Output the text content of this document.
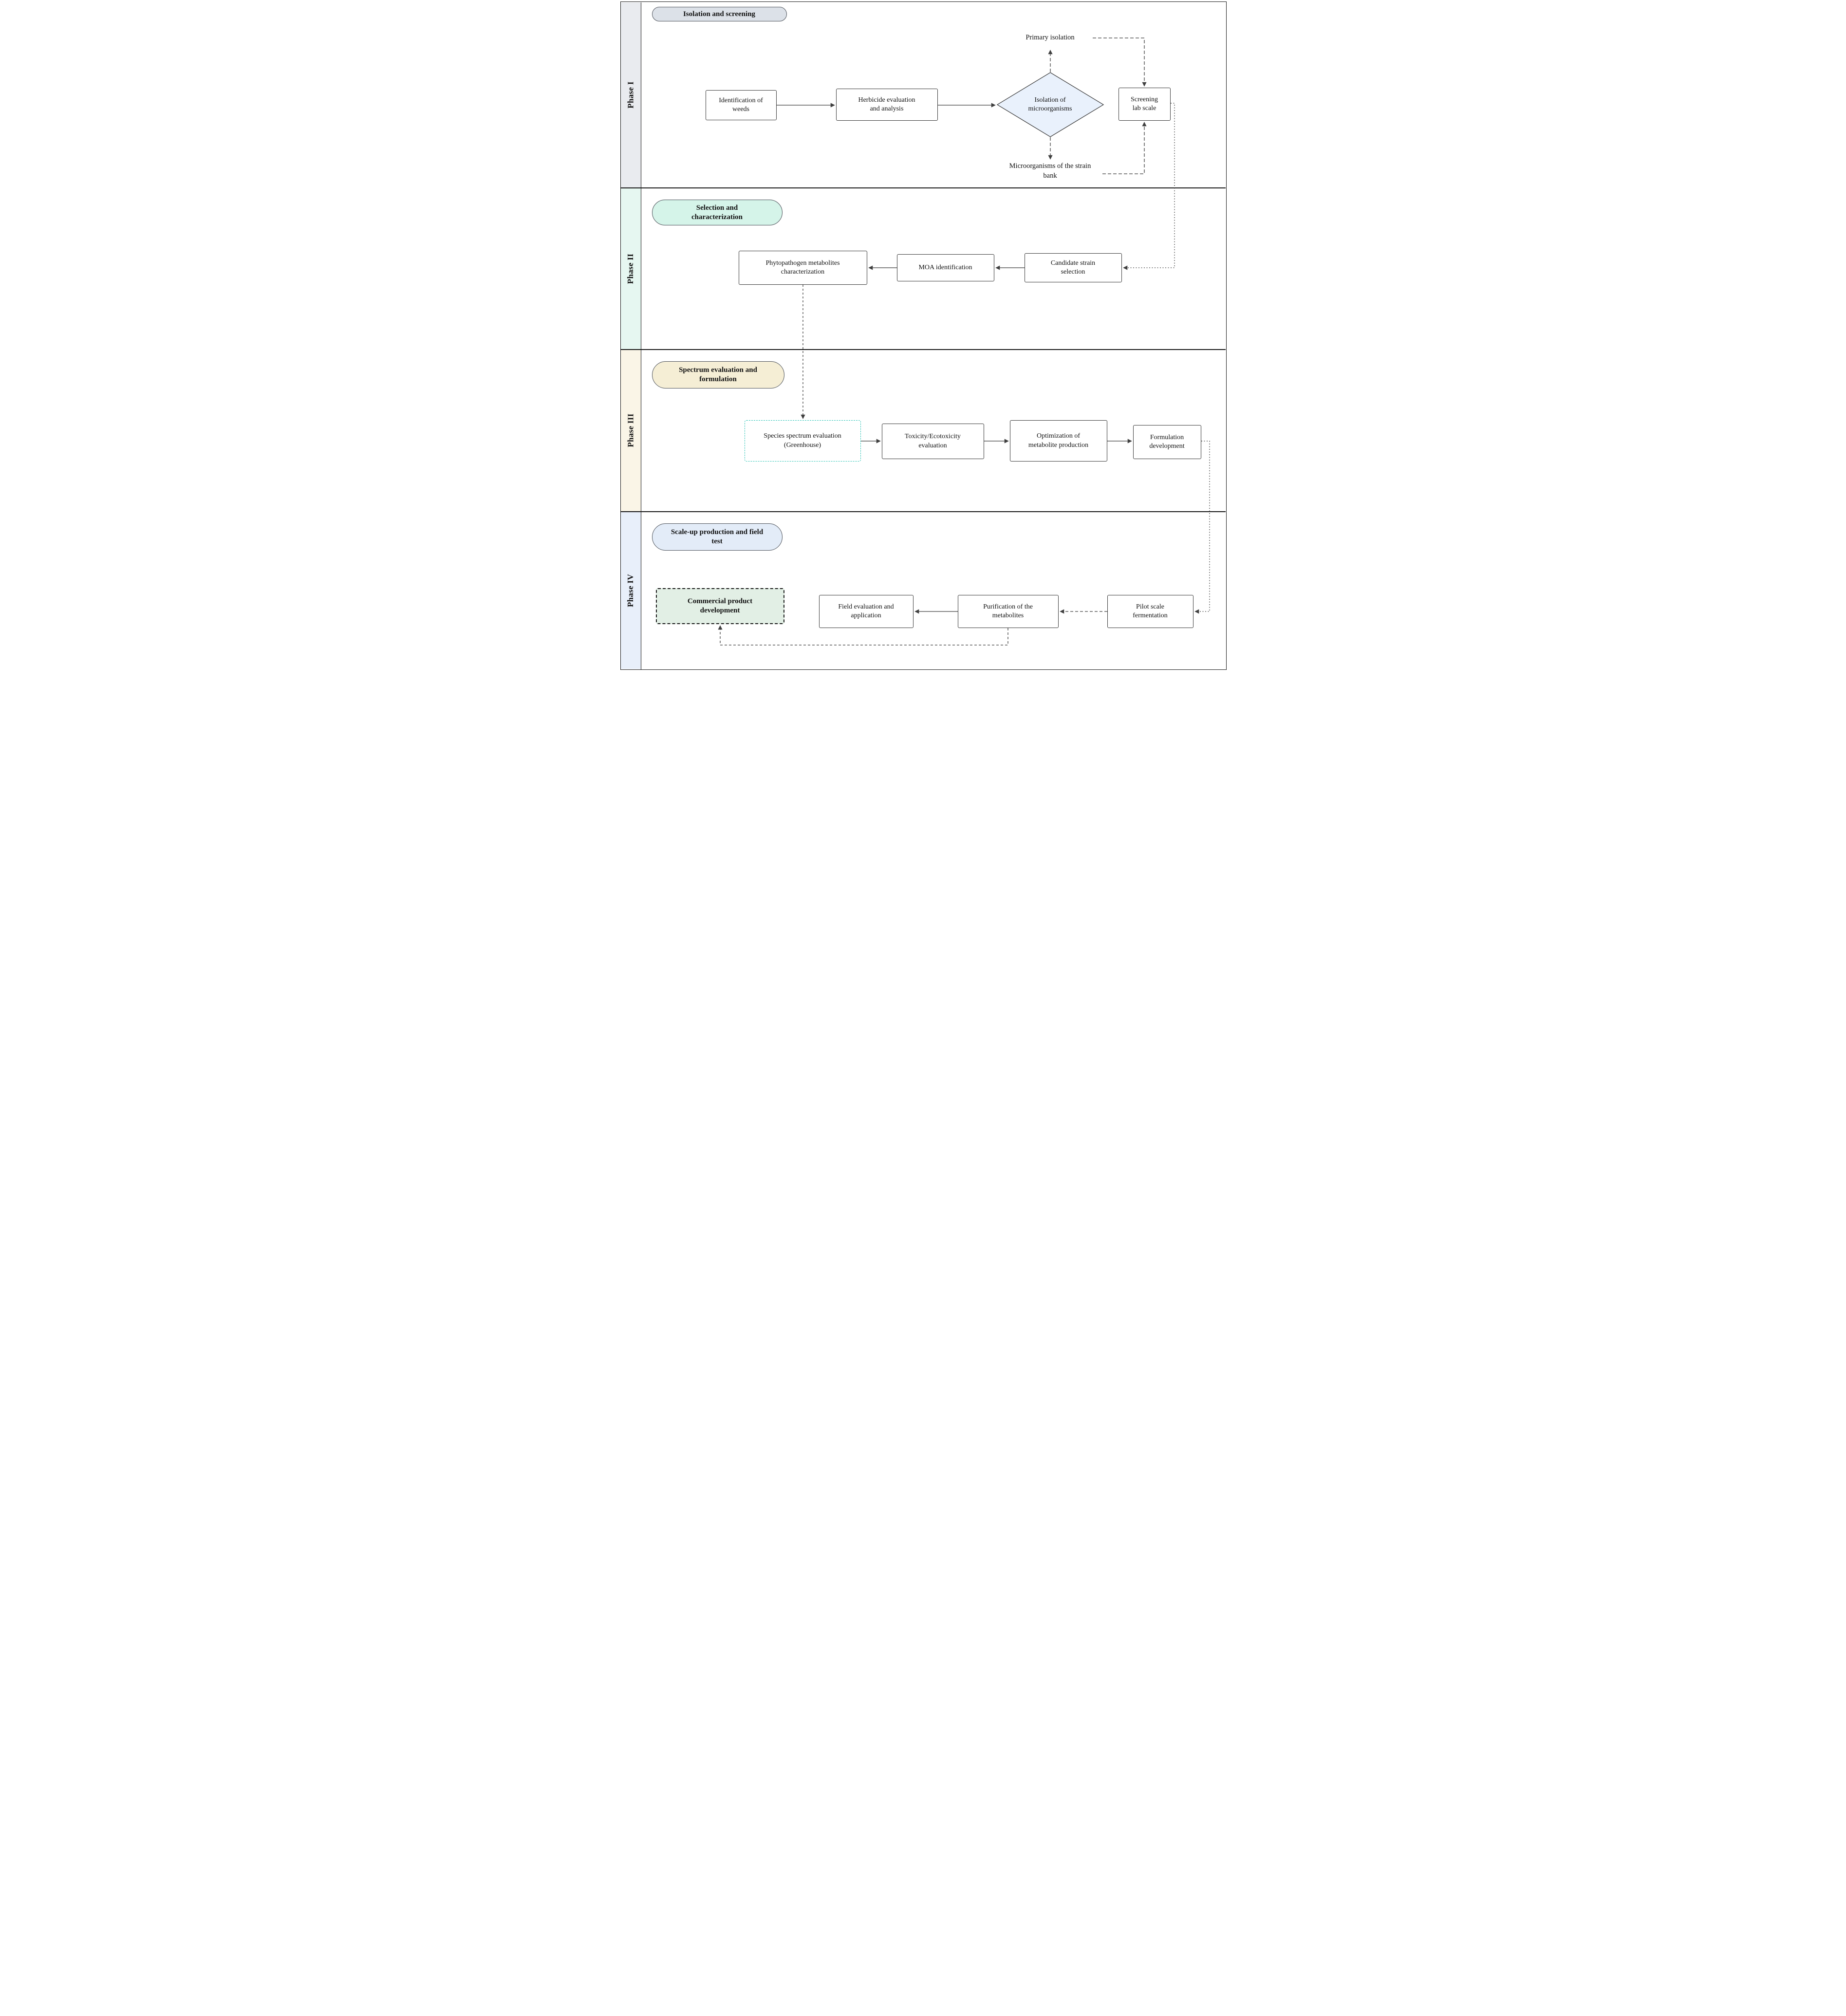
Phase I
Phase II
Phase III
Phase IV
Isolation and screening
Selection and characterization
Spectrum evaluation and formulation
Scale-up production and field test
Identification of weeds
Herbicide evaluation and analysis
Isolation of microorganisms
Screening lab scale
Primary isolation
Microorganisms of the strain bank
Candidate strain selection
MOA identification
Phytopathogen metabolites characterization
Species spectrum evaluation (Greenhouse)
Toxicity/Ecotoxicity evaluation
Optimization of metabolite production
Formulation development
Commercial product development	Field evaluation and application
Purification of the metabolites
Pilot scale fermentation
